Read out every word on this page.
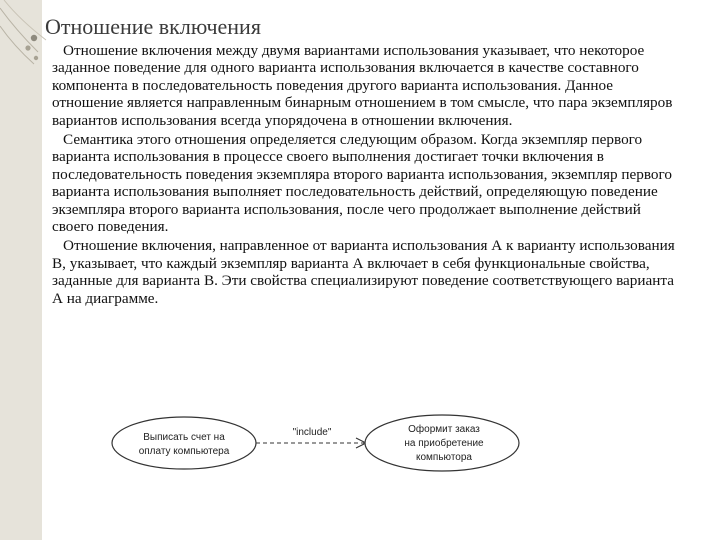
Отношение включения

Отношение включения между двумя вариантами использования указывает, что некоторое заданное поведение для одного варианта использования включается в качестве составного компонента в последовательность поведения другого варианта использования. Данное отношение является направленным бинарным отношением в том смысле, что пара экземпляров вариантов использования всегда упорядочена в отношении включения.

Семантика этого отношения определяется следующим образом. Когда экземпляр первого варианта использования в процессе своего выполнения достигает точки включения в последовательность поведения экземпляра второго варианта использования, экземпляр первого варианта использования выполняет последовательность действий, определяющую поведение экземпляра второго варианта использования, после чего продолжает выполнение действий своего поведения.

Отношение включения, направленное от варианта использования А к варианту использования В, указывает, что каждый экземпляр варианта А включает в себя функциональные свойства, заданные для варианта В. Эти свойства специализируют поведение соответствующего варианта А на диаграмме.

Выписать счет на
оплату компьютера
"include"	Оформит заказ
на приобретение
компьютора
